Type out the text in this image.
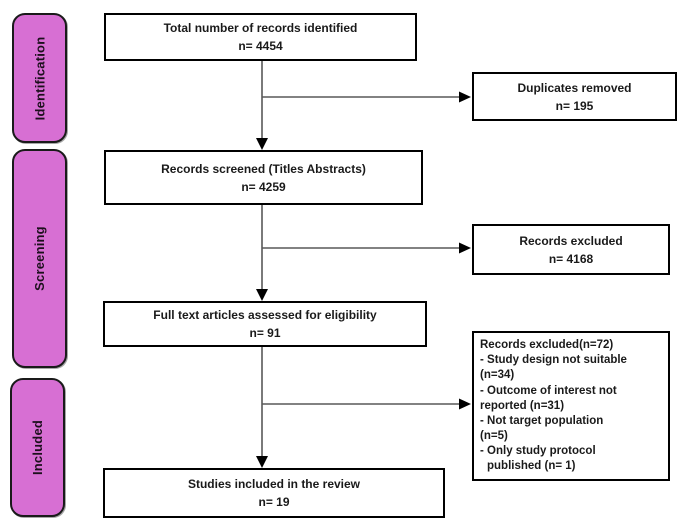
Identification
Screening
Included
Total number of records identified
n= 4454
Duplicates removed
n= 195
Records screened (Titles Abstracts)
n= 4259
Records excluded
n= 4168
Full text articles assessed for eligibility
n= 91
Records excluded(n=72)
- Study design not suitable
(n=34)
- Outcome of interest not
reported (n=31)
- Not target population
(n=5)
- Only study protocol
published (n= 1)
Studies included in the review
n= 19
